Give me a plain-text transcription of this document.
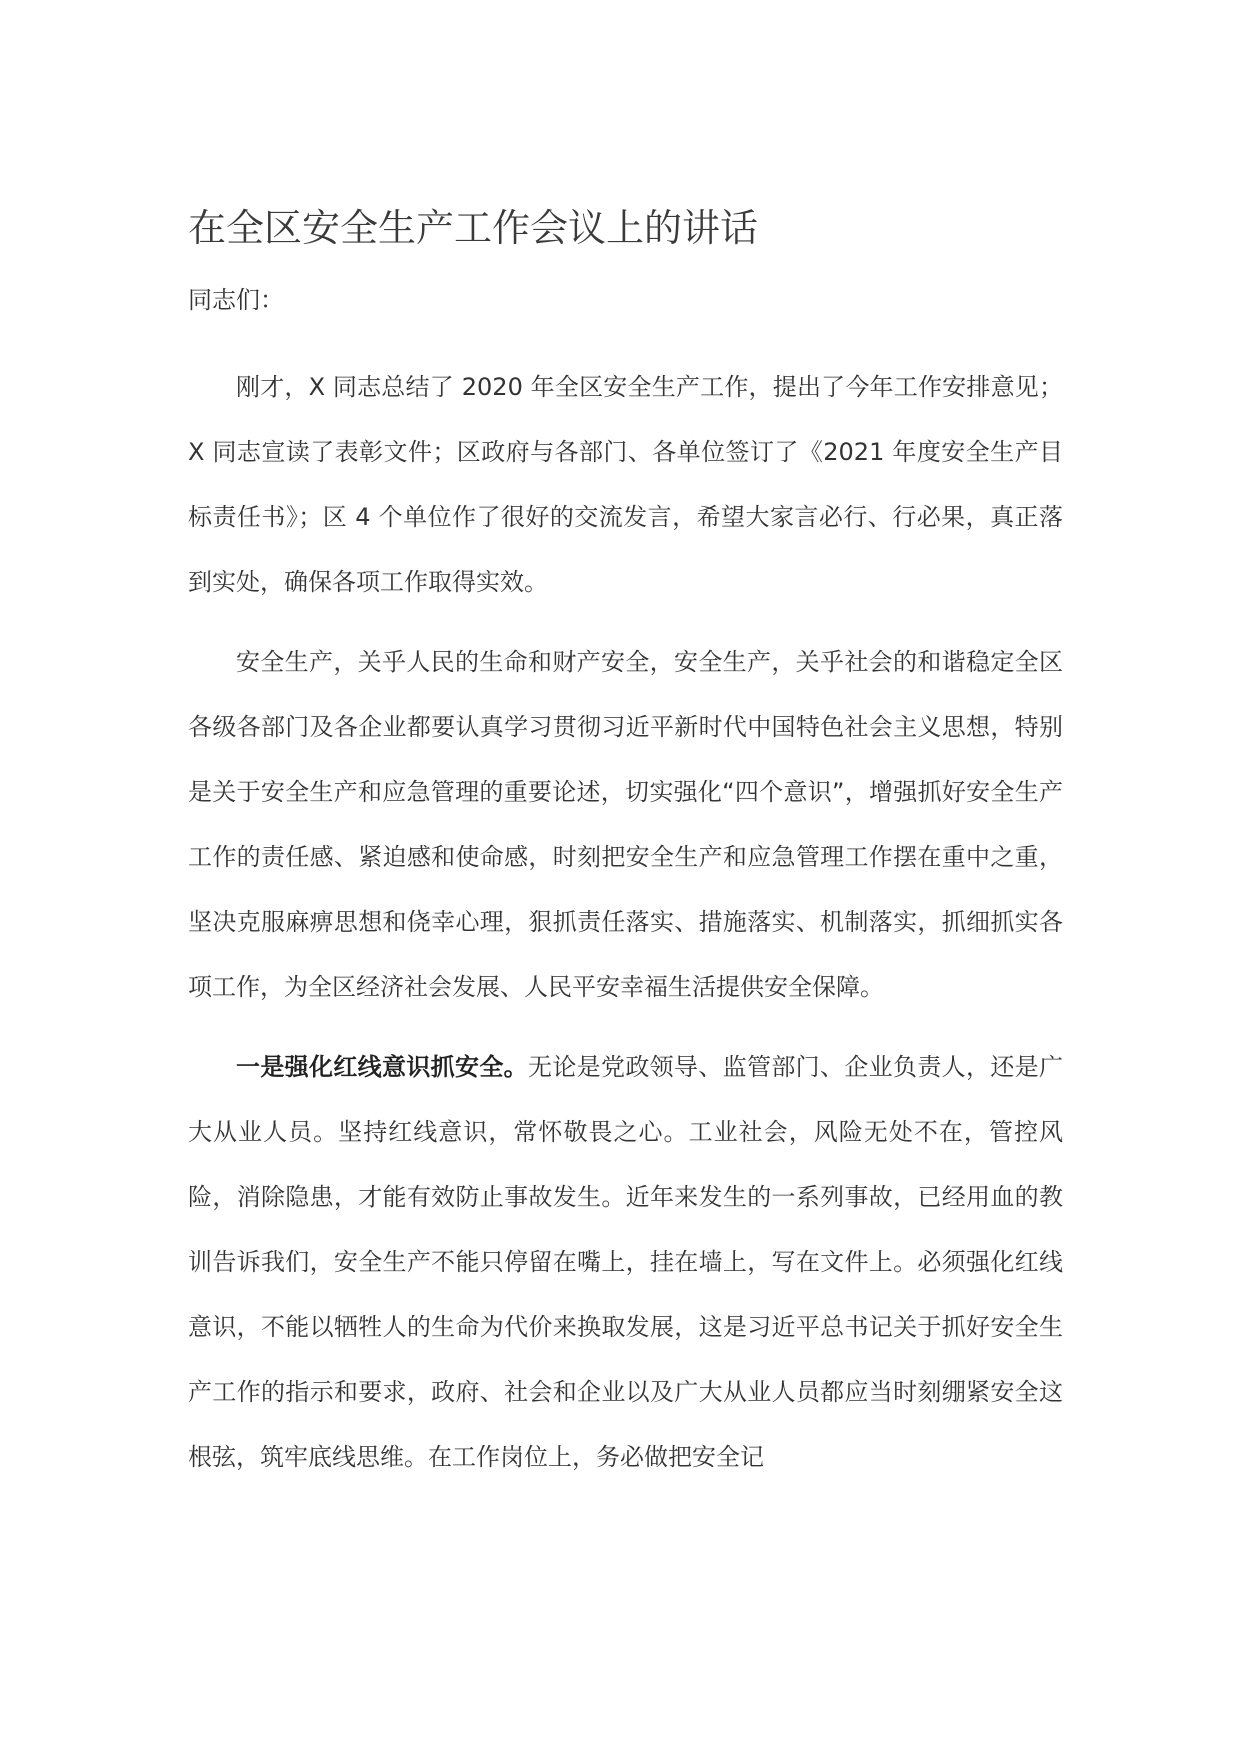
在全区安全生产工作会议上的讲话

同志们：

刚才，X 同志总结了 2020 年全区安全生产工作，提出了今年工作安排意见；X 同志宣读了表彰文件；区政府与各部门、各单位签订了《2021 年度安全生产目标责任书》；区 4 个单位作了很好的交流发言，希望大家言必行、行必果，真正落到实处，确保各项工作取得实效。

安全生产，关乎人民的生命和财产安全，安全生产，关乎社会的和谐稳定全区各级各部门及各企业都要认真学习贯彻习近平新时代中国特色社会主义思想，特别是关于安全生产和应急管理的重要论述，切实强化“四个意识”，增强抓好安全生产工作的责任感、紧迫感和使命感，时刻把安全生产和应急管理工作摆在重中之重，坚决克服麻痹思想和侥幸心理，狠抓责任落实、措施落实、机制落实，抓细抓实各项工作，为全区经济社会发展、人民平安幸福生活提供安全保障。

一是强化红线意识抓安全。无论是党政领导、监管部门、企业负责人，还是广大从业人员。坚持红线意识，常怀敬畏之心。工业社会，风险无处不在，管控风险，消除隐患，才能有效防止事故发生。近年来发生的一系列事故，已经用血的教训告诉我们，安全生产不能只停留在嘴上，挂在墙上，写在文件上。必须强化红线意识，不能以牺牲人的生命为代价来换取发展，这是习近平总书记关于抓好安全生产工作的指示和要求，政府、社会和企业以及广大从业人员都应当时刻绷紧安全这根弦，筑牢底线思维。在工作岗位上，务必做把安全记
